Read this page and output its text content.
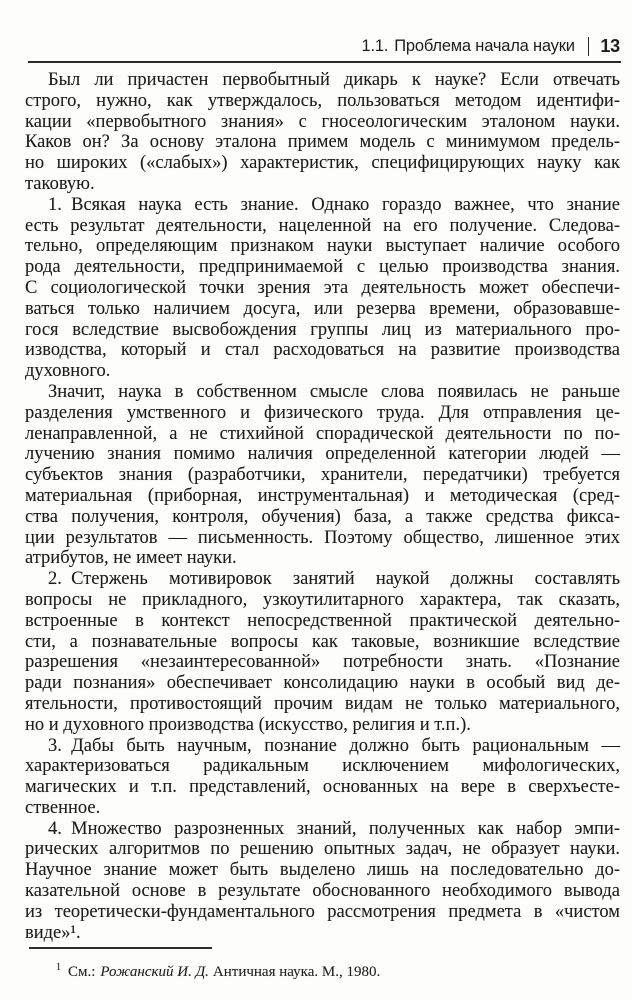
1.1. Проблема начала науки 13
Был ли причастен первобытный дикарь к науке? Если отвечать
строго, нужно, как утверждалось, пользоваться методом идентифи-
кации «первобытного знания» с гносеологическим эталоном науки.
Каков он? За основу эталона примем модель с минимумом предель-
но широких («слабых») характеристик, специфицирующих науку как
таковую.
1. Всякая наука есть знание. Однако гораздо важнее, что знание
есть результат деятельности, нацеленной на его получение. Следова-
тельно, определяющим признаком науки выступает наличие особого
рода деятельности, предпринимаемой с целью производства знания.
С социологической точки зрения эта деятельность может обеспечи-
ваться только наличием досуга, или резерва времени, образовавше-
гося вследствие высвобождения группы лиц из материального про-
изводства, который и стал расходоваться на развитие производства
духовного.
Значит, наука в собственном смысле слова появилась не раньше
разделения умственного и физического труда. Для отправления це-
ленаправленной, а не стихийной спорадической деятельности по по-
лучению знания помимо наличия определенной категории людей —
субъектов знания (разработчики, хранители, передатчики) требуется
материальная (приборная, инструментальная) и методическая (сред-
ства получения, контроля, обучения) база, а также средства фикса-
ции результатов — письменность. Поэтому общество, лишенное этих
атрибутов, не имеет науки.
2. Стержень мотивировок занятий наукой должны составлять
вопросы не прикладного, узкоутилитарного характера, так сказать,
встроенные в контекст непосредственной практической деятельно-
сти, а познавательные вопросы как таковые, возникшие вследствие
разрешения «незаинтересованной» потребности знать. «Познание
ради познания» обеспечивает консолидацию науки в особый вид де-
ятельности, противостоящий прочим видам не только материального,
но и духовного производства (искусство, религия и т.п.).
3. Дабы быть научным, познание должно быть рациональным —
характеризоваться радикальным исключением мифологических,
магических и т.п. представлений, основанных на вере в сверхъесте-
ственное.
4. Множество разрозненных знаний, полученных как набор эмпи-
рических алгоритмов по решению опытных задач, не образует науки.
Научное знание может быть выделено лишь на последовательно до-
казательной основе в результате обоснованного необходимого вывода
из теоретически-фундаментального рассмотрения предмета в «чистом
виде»¹.
$^1$ См.: Рожанский И. Д. Античная наука. М., 1980.
